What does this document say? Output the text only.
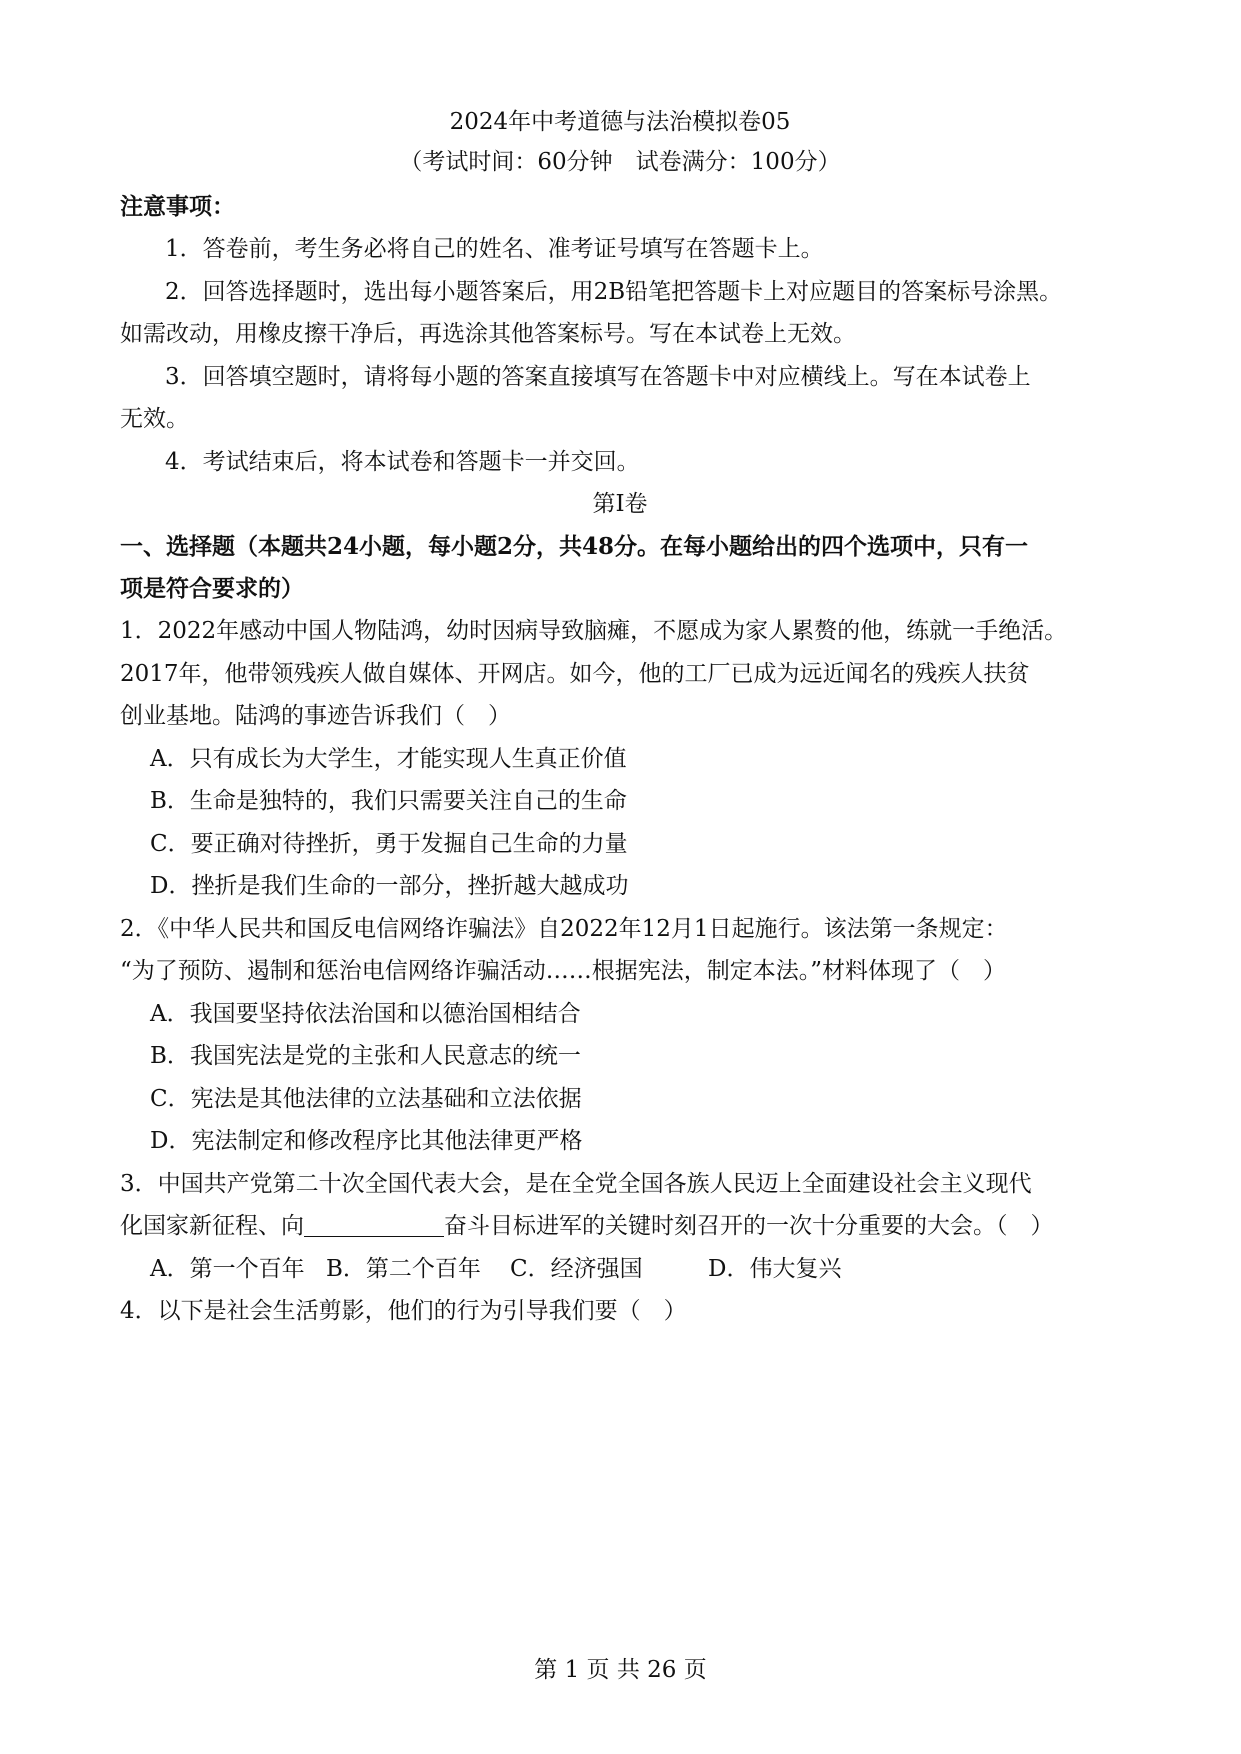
2024年中考道德与法治模拟卷05
（考试时间：60分钟　试卷满分：100分）
注意事项：
1．答卷前，考生务必将自己的姓名、准考证号填写在答题卡上。
2．回答选择题时，选出每小题答案后，用2B铅笔把答题卡上对应题目的答案标号涂黑。
如需改动，用橡皮擦干净后，再选涂其他答案标号。写在本试卷上无效。
3．回答填空题时，请将每小题的答案直接填写在答题卡中对应横线上。写在本试卷上
无效。
4．考试结束后，将本试卷和答题卡一并交回。
第Ⅰ卷
一、选择题（本题共24小题，每小题2分，共48分。在每小题给出的四个选项中，只有一
项是符合要求的）
1．2022年感动中国人物陆鸿，幼时因病导致脑瘫，不愿成为家人累赘的他，练就一手绝活。
2017年，他带领残疾人做自媒体、开网店。如今，他的工厂已成为远近闻名的残疾人扶贫
创业基地。陆鸿的事迹告诉我们（　）
A．只有成长为大学生，才能实现人生真正价值
B．生命是独特的，我们只需要关注自己的生命
C．要正确对待挫折，勇于发掘自己生命的力量
D．挫折是我们生命的一部分，挫折越大越成功
2．《中华人民共和国反电信网络诈骗法》自2022年12月1日起施行。该法第一条规定：
“为了预防、遏制和惩治电信网络诈骗活动……根据宪法，制定本法。”材料体现了（　）
A．我国要坚持依法治国和以德治国相结合
B．我国宪法是党的主张和人民意志的统一
C．宪法是其他法律的立法基础和立法依据
D．宪法制定和修改程序比其他法律更严格
3．中国共产党第二十次全国代表大会，是在全党全国各族人民迈上全面建设社会主义现代
化国家新征程、向	奋斗目标进军的关键时刻召开的一次十分重要的大会。（　）
A．第一个百年 B．第二个百年 C．经济强国	D．伟大复兴
4．以下是社会生活剪影，他们的行为引导我们要（　）
第 1 页 共 26 页
